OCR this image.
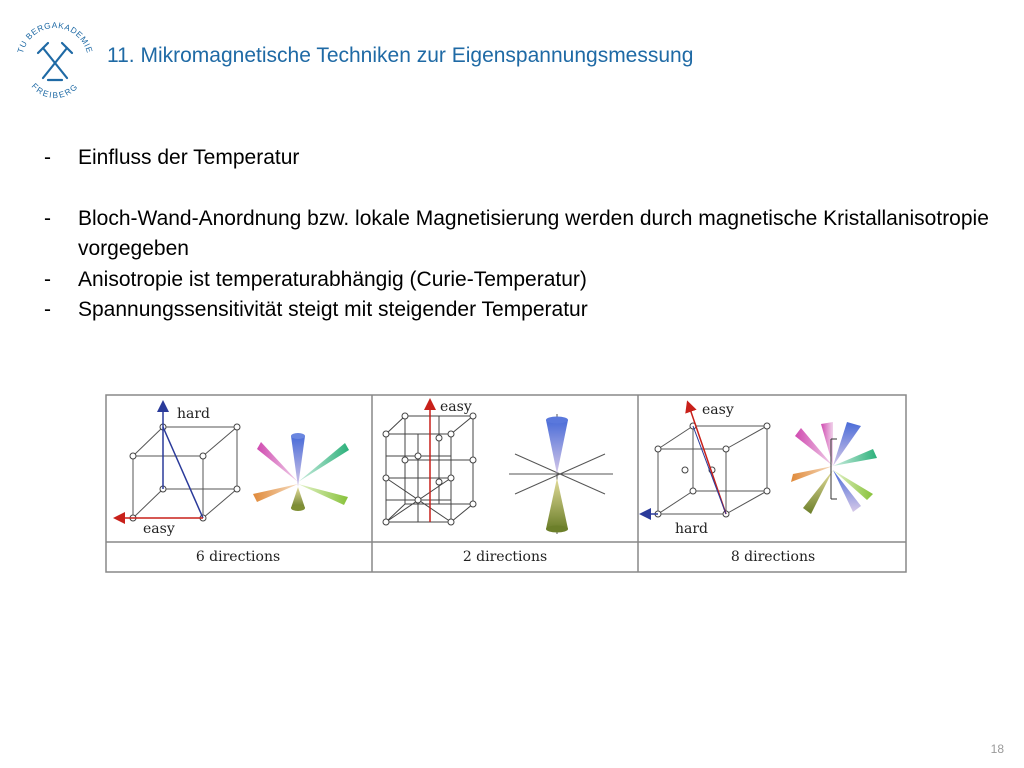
TU BERGAKADEMIE
FREIBERG
11. Mikromagnetische Techniken zur Eigenspannungsmessung
-	Einfluss der Temperatur
-	Bloch-Wand-Anordnung bzw. lokale Magnetisierung werden durch magnetische Kristallanisotropie vorgegeben
-	Anisotropie ist temperaturabhängig (Curie-Temperatur)
-	Spannungssensitivität steigt mit steigender Temperatur
hard
easy
6 directions
easy
2 directions
easy
hard
8 directions
18
